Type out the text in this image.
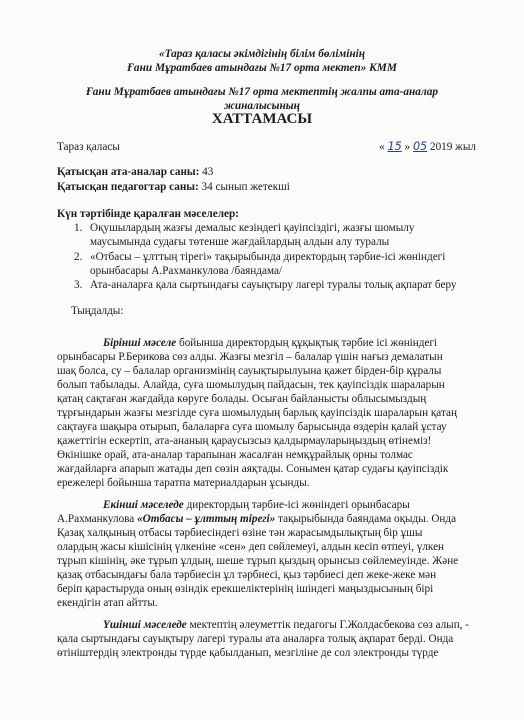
«Тараз қаласы әкімдігінің білім бөлімінің
Ғани Мұратбаев атындағы №17 орта мектеп» КММ
Ғани Мұратбаев атындағы №17 орта мектептің жалпы ата-аналар
жиналысының
ХАТТАМАСЫ
Тараз қаласы	« 15 » 05 2019 жыл
Қатысқан ата-аналар саны: 43
Қатысқан педагогтар саны: 34 сынып жетекші
Күн тәртібінде қаралған мәселелер:
1. Оқушылардың жазғы демалыс кезіндегі қауіпсіздігі, жазғы шомылу
маусымында судағы төтенше жағдайлардың алдын алу туралы
2. «Отбасы – ұлттың тірегі» тақырыбында директордың тәрбие-ісі жөніндегі
орынбасары А.Рахманкулова /баяндама/
3. Ата-аналарға қала сыртындағы сауықтыру лагері туралы толық ақпарат беру
Тыңдалды:
Бірінші мәселе бойынша директордың құқықтық тәрбие ісі жөніндегі
орынбасары Р.Берикова сөз алды. Жазғы мезгіл – балалар үшін нағыз демалатын
шақ болса, су – балалар организмінің сауықтырылуына қажет бірден-бір құралы
болып табылады. Алайда, суға шомылудың пайдасын, тек қауіпсіздік шараларын
қатаң сақтаған жағдайда көруге болады. Осыған байланысты облысымыздың
тұрғындарын жазғы мезгілде суға шомылудың барлық қауіпсіздік шараларын қатаң
сақтауға шақыра отырып, балаларға суға шомылу барысында өздерін қалай ұстау
қажеттігін ескертіп, ата-ананың қараусызсыз қалдырмауларыңыздың өтінеміз!
Өкінішке орай, ата-аналар тарапынан жасалған немқұрайлық орны толмас
жағдайларға апарып жатады деп сөзін аяқтады. Сонымен қатар судағы қауіпсіздік
ережелері бойынша таратпа материалдарын ұсынды.
Екінші мәселеде директордың тәрбие-ісі жөніндегі орынбасары
А.Рахманкулова «Отбасы – ұлттың тірегі» тақырыбында баяндама оқыды. Онда
Қазақ халқының отбасы тәрбиесіндегі өзіне тән жарасымдылықтың бір ұшы
олардың жасы кішісінің үлкеніне «сен» деп сөйлемеуі, алдын кесіп өтпеуі, үлкен
тұрып кішінің, әке тұрып ұлдың, шеше тұрып қыздың орынсыз сөйлемеуінде. Және
қазақ отбасындағы бала тәрбиесін ұл тәрбиесі, қыз тәрбиесі деп жеке-жеке мән
беріп қарастыруда оның өзіндік ерекшеліктерінің ішіндегі маңыздысының бірі
екендігін атап айтты.
Үшінші мәселеде мектептің әлеуметтік педагогы Г.Жолдасбекова сөз алып, -
қала сыртындағы сауықтыру лагері туралы ата аналарға толық ақпарат берді. Онда
өтініштердің электронды түрде қабылданып, мезгіліне де сол электронды түрде
